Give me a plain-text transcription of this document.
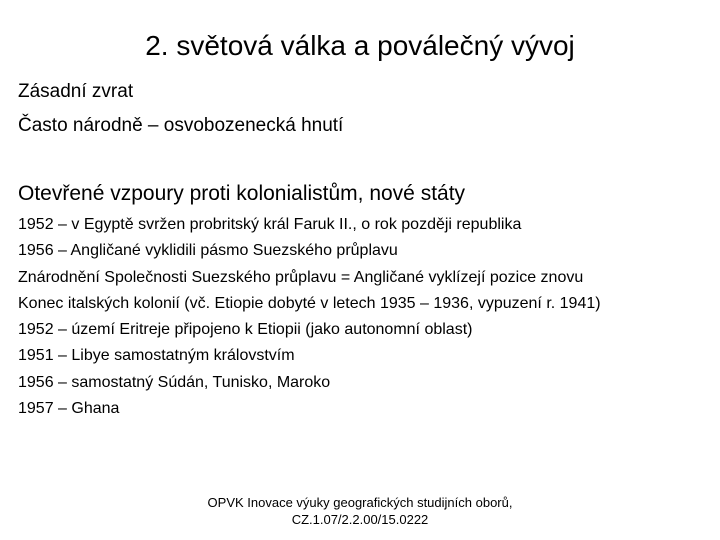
2. světová válka a poválečný vývoj
Zásadní zvrat
Často národně – osvobozenecká hnutí
Otevřené vzpoury proti kolonialistům, nové státy
1952 – v Egyptě svržen probritský král Faruk II., o rok později republika
1956 – Angličané vyklidili pásmo Suezského průplavu
Znárodnění Společnosti Suezského průplavu = Angličané vyklízejí pozice znovu
Konec italských kolonií (vč. Etiopie dobyté v letech 1935 – 1936, vypuzení r. 1941)
1952 – území Eritreje připojeno k Etiopii (jako autonomní oblast)
1951 – Libye samostatným královstvím
1956 – samostatný Súdán, Tunisko, Maroko
1957 – Ghana
OPVK Inovace výuky geografických studijních oborů,
CZ.1.07/2.2.00/15.0222
